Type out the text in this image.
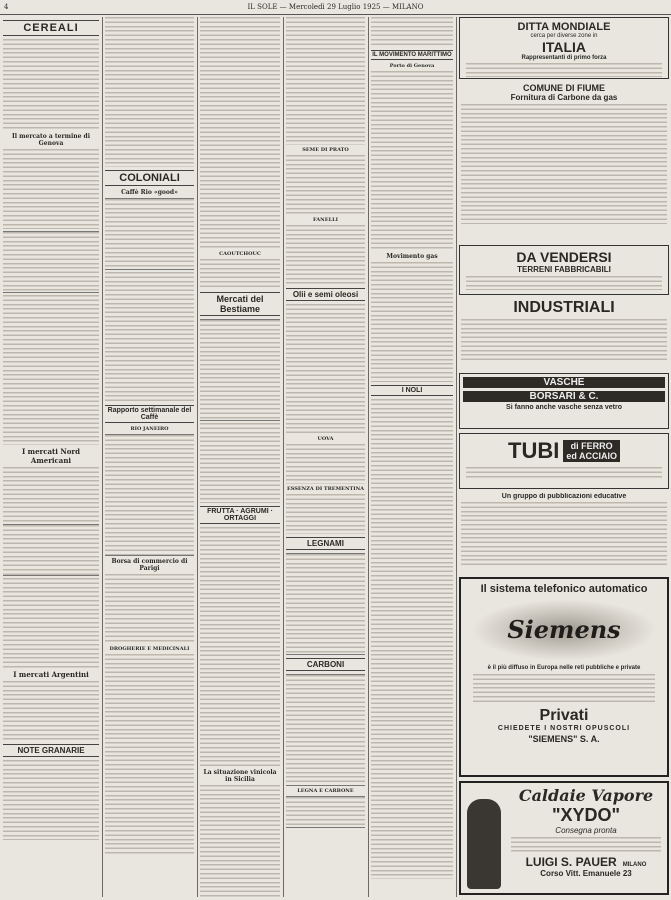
4	IL SOLE — Mercoledì 29 Luglio 1925 — MILANO
CEREALI
Il mercato a termine di Genova
I mercati Nord Americani
I mercati Argentini
NOTE GRANARIE
COLONIALI
Caffè Rio «good»
Rapporto settimanale del Caffè
RIO JANEIRO
Borsa di commercio di Parigi
DROGHERIE E MEDICINALI
CAOUTCHOUC
Mercati del Bestiame
FRUTTA · AGRUMI · ORTAGGI
La situazione vinicola in Sicilia
SEME DI PRATO
FANELLI
Olii e semi oleosi
UOVA
ESSENZA DI TREMENTINA
LEGNAMI
CARBONI
LEGNA E CARBONE
IL MOVIMENTO MARITTIMO
Porto di Genova
Movimento gas
I NOLI
DITTA MONDIALE
cerca per diverse zone in
ITALIA
Rappresentanti di primo forza
COMUNE DI FIUME
Fornitura di Carbone da gas
DA VENDERSI
TERRENI FABBRICABILI
INDUSTRIALI
VASCHE
BORSARI & C.
Si fanno anche vasche senza vetro
TUBI	di FERRO
ed ACCIAIO
Un gruppo di pubblicazioni educative
Il sistema telefonico automatico
Siemens
è il più diffuso in Europa nelle reti pubbliche e private
Privati
CHIEDETE I NOSTRI OPUSCOLI
"SIEMENS" S. A.
Caldaie Vapore
"XYDO"
Consegna pronta
LUIGI S. PAUER MILANO
Corso Vitt. Emanuele 23
